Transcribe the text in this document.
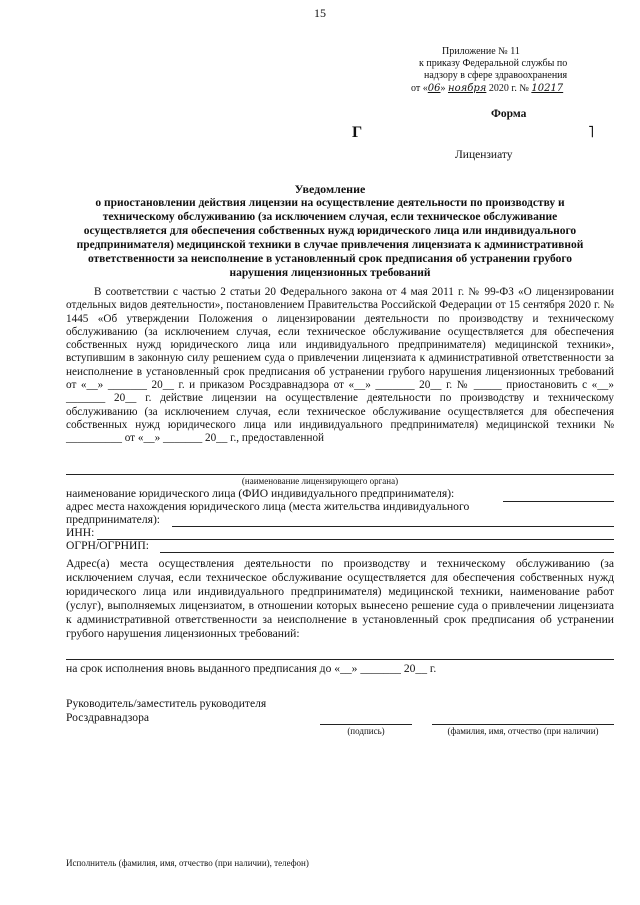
15
Приложение № 11
к приказу Федеральной службы по
надзору в сфере здравоохранения
от «06» ноября 2020 г. № 10217
Форма
Г	˥
Лицензиату
Уведомление
о приостановлении действия лицензии на осуществление деятельности по производству и техническому обслуживанию (за исключением случая, если техническое обслуживание осуществляется для обеспечения собственных нужд юридического лица или индивидуального предпринимателя) медицинской техники в случае привлечения лицензиата к административной ответственности за неисполнение в установленный срок предписания об устранении грубого нарушения лицензионных требований
В соответствии с частью 2 статьи 20 Федерального закона от 4 мая 2011 г. № 99-ФЗ «О лицензировании отдельных видов деятельности», постановлением Правительства Российской Федерации от 15 сентября 2020 г. № 1445 «Об утверждении Положения о лицензировании деятельности по производству и техническому обслуживанию (за исключением случая, если техническое обслуживание осуществляется для обеспечения собственных нужд юридического лица или индивидуального предпринимателя) медицинской техники», вступившим в законную силу решением суда о привлечении лицензиата к административной ответственности за неисполнение в установленный срок предписания об устранении грубого нарушения лицензионных требований от «__» _______ 20__ г. и приказом Росздравнадзора от «__» _______ 20__ г. № _____ приостановить с «__» _______ 20__ г. действие лицензии на осуществление деятельности по производству и техническому обслуживанию (за исключением случая, если техническое обслуживание осуществляется для обеспечения собственных нужд юридического лица или индивидуального предпринимателя) медицинской техники № __________ от «__» _______ 20__ г., предоставленной
(наименование лицензирующего органа)
наименование юридического лица (ФИО индивидуального предпринимателя):
адрес места нахождения юридического лица (места жительства индивидуального
предпринимателя):
ИНН:
ОГРН/ОГРНИП:
Адрес(а) места осуществления деятельности по производству и техническому обслуживанию (за исключением случая, если техническое обслуживание осуществляется для обеспечения собственных нужд юридического лица или индивидуального предпринимателя) медицинской техники, наименование работ (услуг), выполняемых лицензиатом, в отношении которых вынесено решение суда о привлечении лицензиата к административной ответственности за неисполнение в установленный срок предписания об устранении грубого нарушения лицензионных требований:
на срок исполнения вновь выданного предписания до «__» _______ 20__ г.
Руководитель/заместитель руководителя
Росздравнадзора
(подпись)	(фамилия, имя, отчество (при наличии)
Исполнитель (фамилия, имя, отчество (при наличии), телефон)
